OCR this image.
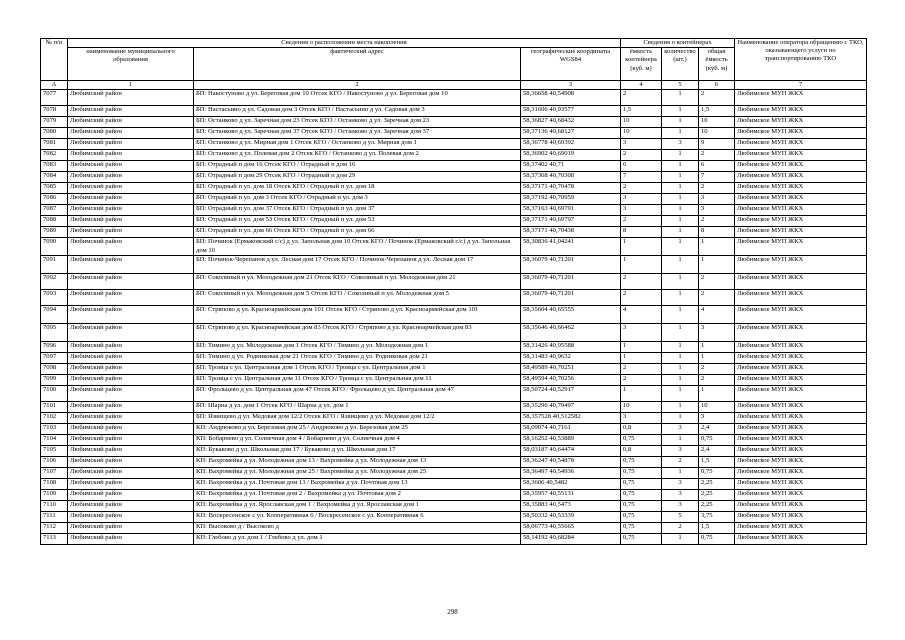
№ п/п	Сведения о расположении места накопления			Сведения о контейнерах			Наименование оператора обращению с ТКО, оказывающего услуги по транспортированию ТКО
	наименование муниципального образования	фактический адрес	географические координаты WGS84	ёмкость контейнера (куб. м)	количество (шт.)	общая ёмкость (куб. м)	
А	1	2	3	4	5	6	7
7077	Любимский район	БП: Накостуново д ул. Береговая дом 10 Отсек КГО / Накостуново д ул. Береговая дом 10	58,36658 40,54908	2	1	2	Любимское МУП ЖКХ
7078	Любимский район	БП: Настасьино д ул. Садовая дом 3 Отсек КГО / Настасьино д ул. Садовая дом 3	58,31606 40,93577	1,5	1	1,5	Любимское МУП ЖКХ
7079	Любимский район	БП: Останково д ул. Заречная дом 23 Отсек КГО / Останково д ул. Заречная дом 23	58,36827 40,68432	10	1	10	Любимское МУП ЖКХ
7080	Любимский район	БП: Останково д ул. Заречная дом 37 Отсек КГО / Останково д ул. Заречная дом 37	58,37136 40,68127	10	1	10	Любимское МУП ЖКХ
7081	Любимский район	БП: Останково д ул. Мирная дом 1 Отсек КГО / Останково д ул. Мирная дом 1	58,36778 40,69392	3	3	9	Любимское МУП ЖКХ
7082	Любимский район	БП: Останково д ул. Полевая дом 2 Отсек КГО / Останково д ул. Полевая дом 2	58,36902 40,69019	2	1	2	Любимское МУП ЖКХ
7083	Любимский район	БП: Отрадный п дом 16 Отсек КГО / Отрадный п дом 16	58,37402 40,71	6	1	6	Любимское МУП ЖКХ
7084	Любимский район	БП: Отрадный п дом 29 Отсек КГО / Отрадный п дом 29	58,37368 40,70308	7	1	7	Любимское МУП ЖКХ
7085	Любимский район	БП: Отрадный п ул. дом 18 Отсек КГО / Отрадный п ул. дом 18	58,37171 40,70478	2	1	2	Любимское МУП ЖКХ
7086	Любимский район	БП: Отрадный п ул. дом 3 Отсек КГО / Отрадный п ул. дом 3	58,37192 40,70959	3	1	3	Любимское МУП ЖКХ
7087	Любимский район	БП: Отрадный п ул. дом 37 Отсек КГО / Отрадный п ул. дом 37	58,37163 40,69791	3	1	3	Любимское МУП ЖКХ
7088	Любимский район	БП: Отрадный п ул. дом 53 Отсек КГО / Отрадный п ул. дом 53	58,37171 40,69797	2	1	2	Любимское МУП ЖКХ
7089	Любимский район	БП: Отрадный п ул. дом 66 Отсек КГО / Отрадный п ул. дом 66	58,37171 40,70438	8	1	8	Любимское МУП ЖКХ
7090	Любимский район	БП: Починок (Ермаковский с/с) д ул. Запольная дом 10 Отсек КГО / Починок (Ермаковский с/с) д ул. Запольная дом 10	58,30836 41,04241	1	1	1	Любимское МУП ЖКХ
7091	Любимский район	БП: Починок-Черепанов д ул. Лесная дом 17 Отсек КГО / Починок-Черепанов д ул. Лесная дом 17	58,36079 40,71201	1	1	1	Любимское МУП ЖКХ
7092	Любимский район	БП: Соколиный п ул. Молодежная дом 21 Отсек КГО / Соколиный п ул. Молодежная дом 21	58,36079 40,71201	2	1	2	Любимское МУП ЖКХ
7093	Любимский район	БП: Соколиный п ул. Молодежная дом 5 Отсек КГО / Соколиный п ул. Молодежная дом 5	58,36079 40,71201	2	1	2	Любимское МУП ЖКХ
7094	Любимский район	БП: Стряпово д ул. Красноармейская дом 101 Отсек КГО / Стряпово д ул. Красноармейская дом 101	58,35604 40,65555	4	1	4	Любимское МУП ЖКХ
7095	Любимский район	БП: Стряпово д ул. Красноармейская дом 83 Отсек КГО / Стряпово д ул. Красноармейская дом 83	58,35646 40,66462	3	1	3	Любимское МУП ЖКХ
7096	Любимский район	БП: Тимино д ул. Молодежная дом 1 Отсек КГО / Тимино д ул. Молодежная дом 1	58,31426 40,95588	1	1	1	Любимское МУП ЖКХ
7097	Любимский район	БП: Тимино д ул. Родниковая дом 21 Отсек КГО / Тимино д ул. Родниковая дом 21	58,31483 40,9632	1	1	1	Любимское МУП ЖКХ
7098	Любимский район	БП: Троица с ул. Центральная дом 1 Отсек КГО / Троица с ул. Центральная дом 1	58,49589 40,70251	2	1	2	Любимское МУП ЖКХ
7099	Любимский район	БП: Троица с ул. Центральная дом 11 Отсек КГО / Троица с ул. Центральная дом 11	58,49594 40,70256	2	1	2	Любимское МУП ЖКХ
7100	Любимский район	БП: Фрольцево д ул. Центральная дом 47 Отсек КГО / Фрольцево д ул. Центральная дом 47	58,50724 40,52917	1	1	1	Любимское МУП ЖКХ
7101	Любимский район	БП: Шарна д ул. дом 1 Отсек КГО / Шарна д ул. дом 1	58,35296 40,79497	10	1	10	Любимское МУП ЖКХ
7102	Любимский район	БП: Язвищево д ул. Медовая дом 12/2 Отсек КГО / Язвищево д ул. Медовая дом 12/2	58,357528 40,512582	3	1	3	Любимское МУП ЖКХ
7103	Любимский район	КП: Андрюково д ул. Березовая дом 25 / Андрюково д ул. Березовая дом 25	58,09074 40,7161	0,8	3	2,4	Любимское МУП ЖКХ
7104	Любимский район	КП: Бобарнево д ул. Солнечная дом 4 / Бобарнево д ул. Солнечная дом 4	58,16252 40,53889	0,75	1	0,75	Любимское МУП ЖКХ
7105	Любимский район	КП: Букаково д ул. Школьная дом 17 / Букаково д ул. Школьная дом 17	58,03187 40,64474	0,8	3	2,4	Любимское МУП ЖКХ
7106	Любимский район	КП: Вахромейка д ул. Молодежная дом 13 / Вахромейка д ул. Молодежная дом 13	58,36247 40,54878	0,75	2	1,5	Любимское МУП ЖКХ
7107	Любимский район	КП: Вахромейка д ул. Молодежная дом 25 / Вахромейка д ул. Молодежная дом 25	58,36497 40,54936	0,75	1	0,75	Любимское МУП ЖКХ
7108	Любимский район	КП: Вахромейка д ул. Почтовая дом 13 / Вахромейка д ул. Почтовая дом 13	58,3606 40,5482	0,75	3	2,25	Любимское МУП ЖКХ
7109	Любимский район	КП: Вахромейка д ул. Почтовая дом 2 / Вахромейка д ул. Почтовая дом 2	58,35957 40,55131	0,75	3	2,25	Любимское МУП ЖКХ
7110	Любимский район	КП: Вахромейка д ул. Ярославская дом 1 / Вахромейка д ул. Ярославская дом 1	58,35883 40,5473	0,75	3	2,25	Любимское МУП ЖКХ
7111	Любимский район	КП: Воскресенское с ул. Кооперативная 6 / Воскресенское с ул. Кооперативная 6	58,50332 40,53339	0,75	5	3,75	Любимское МУП ЖКХ
7112	Любимский район	КП: Высоково д / Высоково д	58,06773 40,55665	0,75	2	1,5	Любимское МУП ЖКХ
7113	Любимский район	КП: Глебово д ул. дом 1 / Глебово д ул. дом 1	58,14192 40,68284	0,75	1	0,75	Любимское МУП ЖКХ
298
